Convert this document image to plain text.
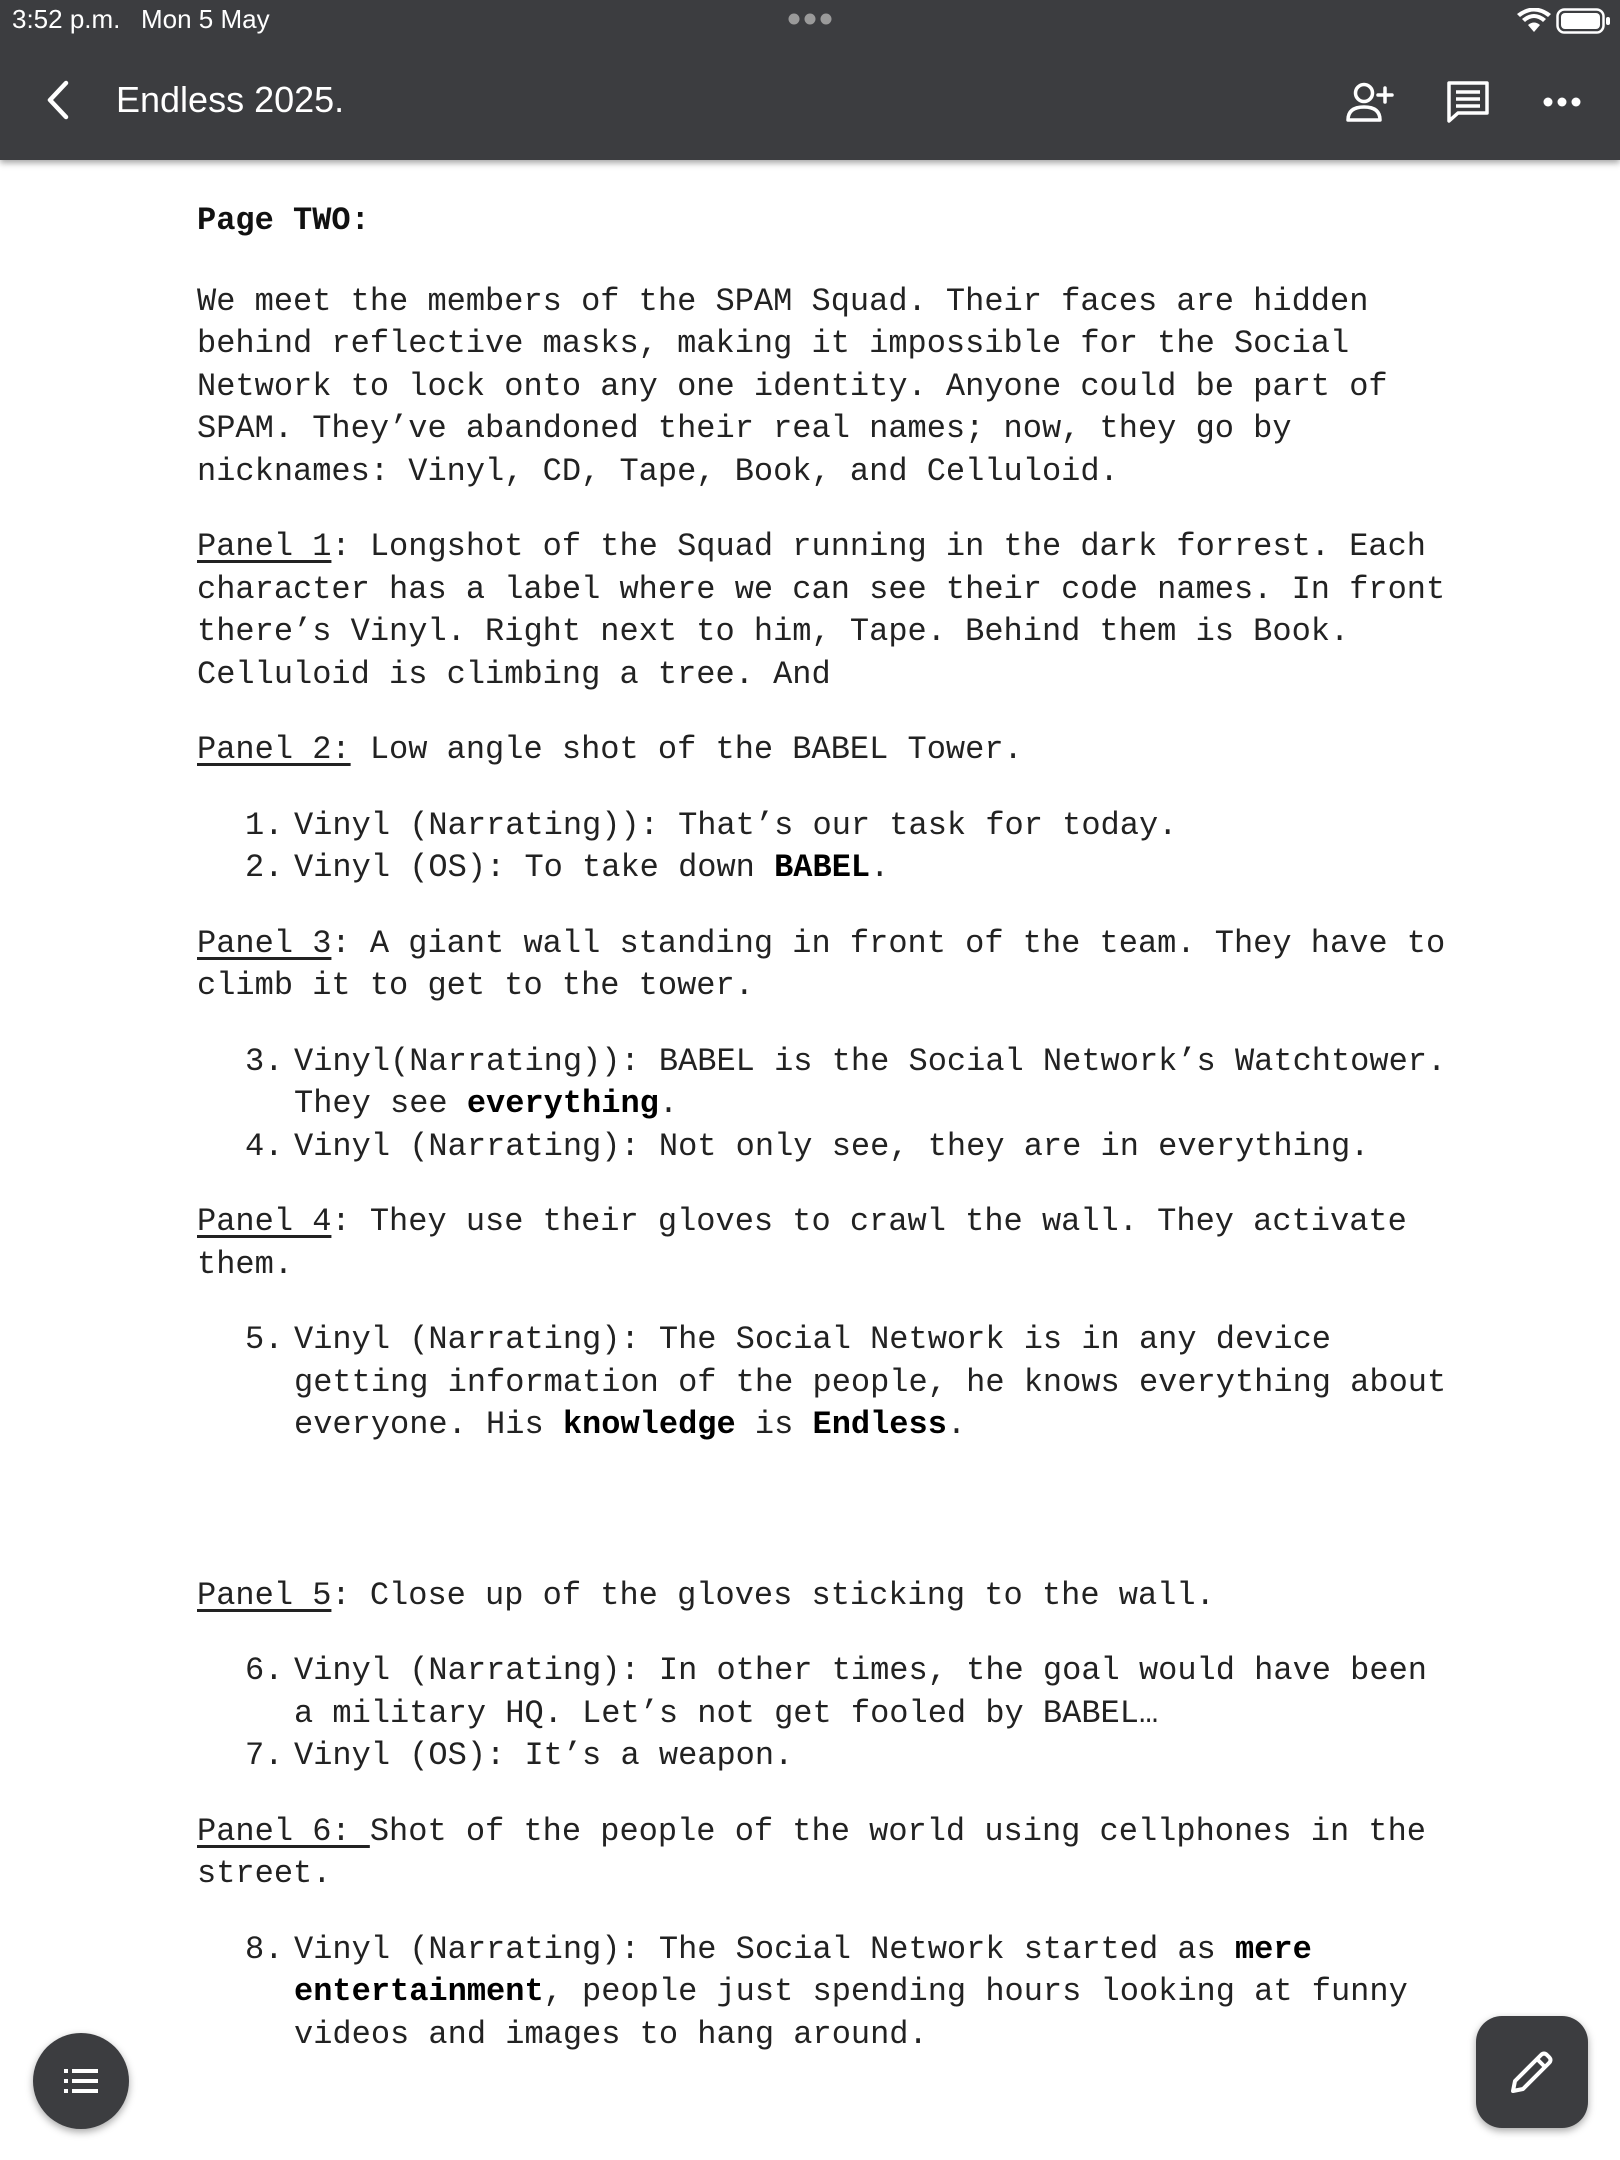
3:52 p.m. Mon 5 May
Endless 2025.

Page TWO:

We meet the members of the SPAM Squad. Their faces are hidden behind reflective masks, making it impossible for the Social Network to lock onto any one identity. Anyone could be part of SPAM. They’ve abandoned their real names; now, they go by nicknames: Vinyl, CD, Tape, Book, and Celluloid.

Panel 1: Longshot of the Squad running in the dark forrest. Each character has a label where we can see their code names. In front there’s Vinyl. Right next to him, Tape. Behind them is Book. Celluloid is climbing a tree. And

Panel 2: Low angle shot of the BABEL Tower.

1. Vinyl (Narrating)): That’s our task for today.
2. Vinyl (OS): To take down BABEL.

Panel 3: A giant wall standing in front of the team. They have to climb it to get to the tower.

3. Vinyl(Narrating)): BABEL is the Social Network’s Watchtower. They see everything.
4. Vinyl (Narrating): Not only see, they are in everything.

Panel 4: They use their gloves to crawl the wall. They activate them.

5. Vinyl (Narrating): The Social Network is in any device getting information of the people, he knows everything about everyone. His knowledge is Endless.

Panel 5: Close up of the gloves sticking to the wall.

6. Vinyl (Narrating): In other times, the goal would have been a military HQ. Let’s not get fooled by BABEL…
7. Vinyl (OS): It’s a weapon.

Panel 6: Shot of the people of the world using cellphones in the street.

8. Vinyl (Narrating): The Social Network started as mere entertainment, people just spending hours looking at funny videos and images to hang around.
